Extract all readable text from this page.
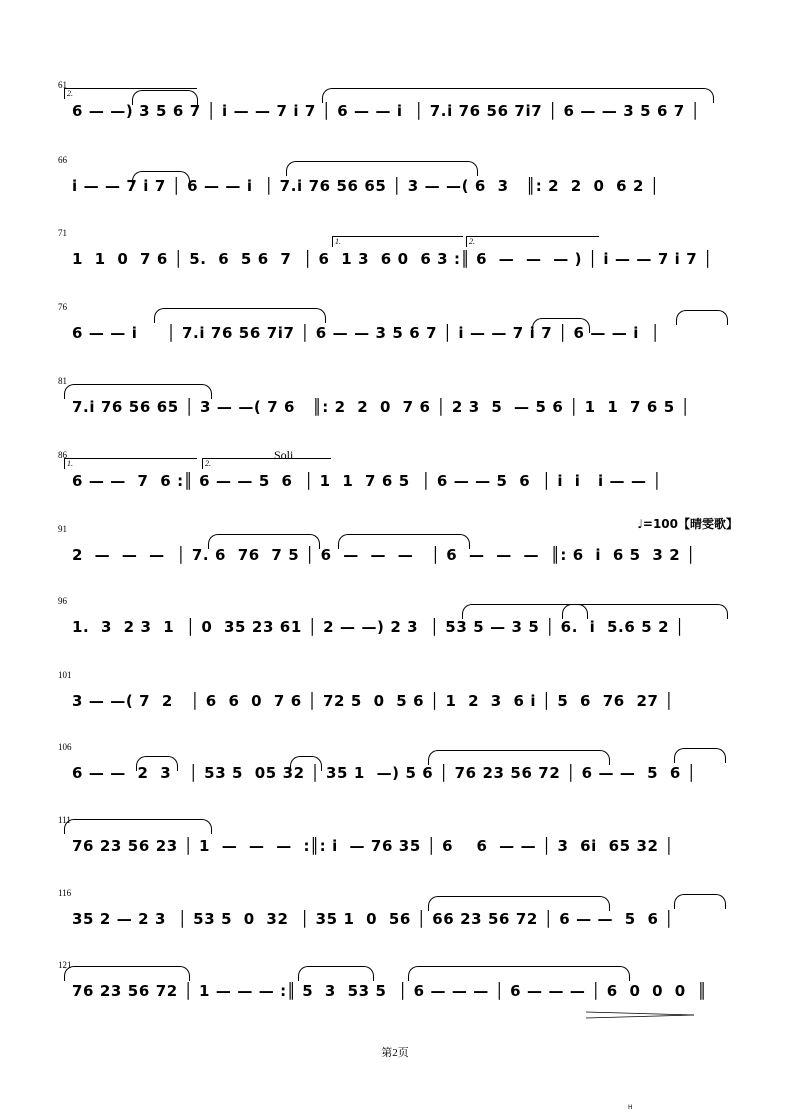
61
2.
6 — —) 3 5 6 7 │ i — — 7 i 7 │ 6 — — i  │ 7.i 76 56 7i7 │ 6 — — 3 5 6 7 │
66
i — — 7 i 7 │ 6 — — i  │ 7.i 76 56 65 │ 3 — —( 6  3   ║: 2  2  0  6 2 │
71
1.	2.
1  1  0  7 6 │ 5.  6  5 6  7  │ 6  1 3  6 0  6 3 :║ 6  —  —  — ) │ i — — 7 i 7 │
76
6 — — i     │ 7.i 76 56 7i7 │ 6 — — 3 5 6 7 │ i — — 7 i 7 │ 6 — — i  │
81
7.i 76 56 65 │ 3 — —( 7 6   ║: 2  2  0  7 6 │ 2 3  5  — 5 6 │ 1  1  7 6 5 │
86
1.	2.
Soli
6 — —  7  6 :║ 6 — — 5  6  │ 1  1  7 6 5  │ 6 — — 5  6  │ i  i   i — — │
91
2  —  —  —  │ 7. 6  76  7 5 │ 6  —  —  —   │ 6  —  —  —  ║: 6  i  6 5  3 2 │
96
1.  3  2 3  1  │ 0  35 23 61 │ 2 — —) 2 3  │ 53 5 — 3 5 │ 6.  i  5.6 5 2 │
101
3 — —( 7  2   │ 6  6  0  7 6 │ 72 5  0  5 6 │ 1  2  3  6 i │ 5  6  76  27 │
106
6 — —  2  3   │ 53 5  05 32 │ 35 1  —) 5 6 │ 76 23 56 72 │ 6 — —  5  6 │
111
76 23 56 23 │ 1  —  —  —  :║: i  — 76 35 │ 6    6  — — │ 3  6i  65 32 │
116
35 2 — 2 3  │ 53 5  0  32  │ 35 1  0  56 │ 66 23 56 72 │ 6 — —  5  6 │
121
76 23 56 72 │ 1 — — — :║ 5  3  53 5  │ 6 — — — │ 6 — — — │ 6  0  0  0  ║
♩=100【晴雯歌】
第2页
H
